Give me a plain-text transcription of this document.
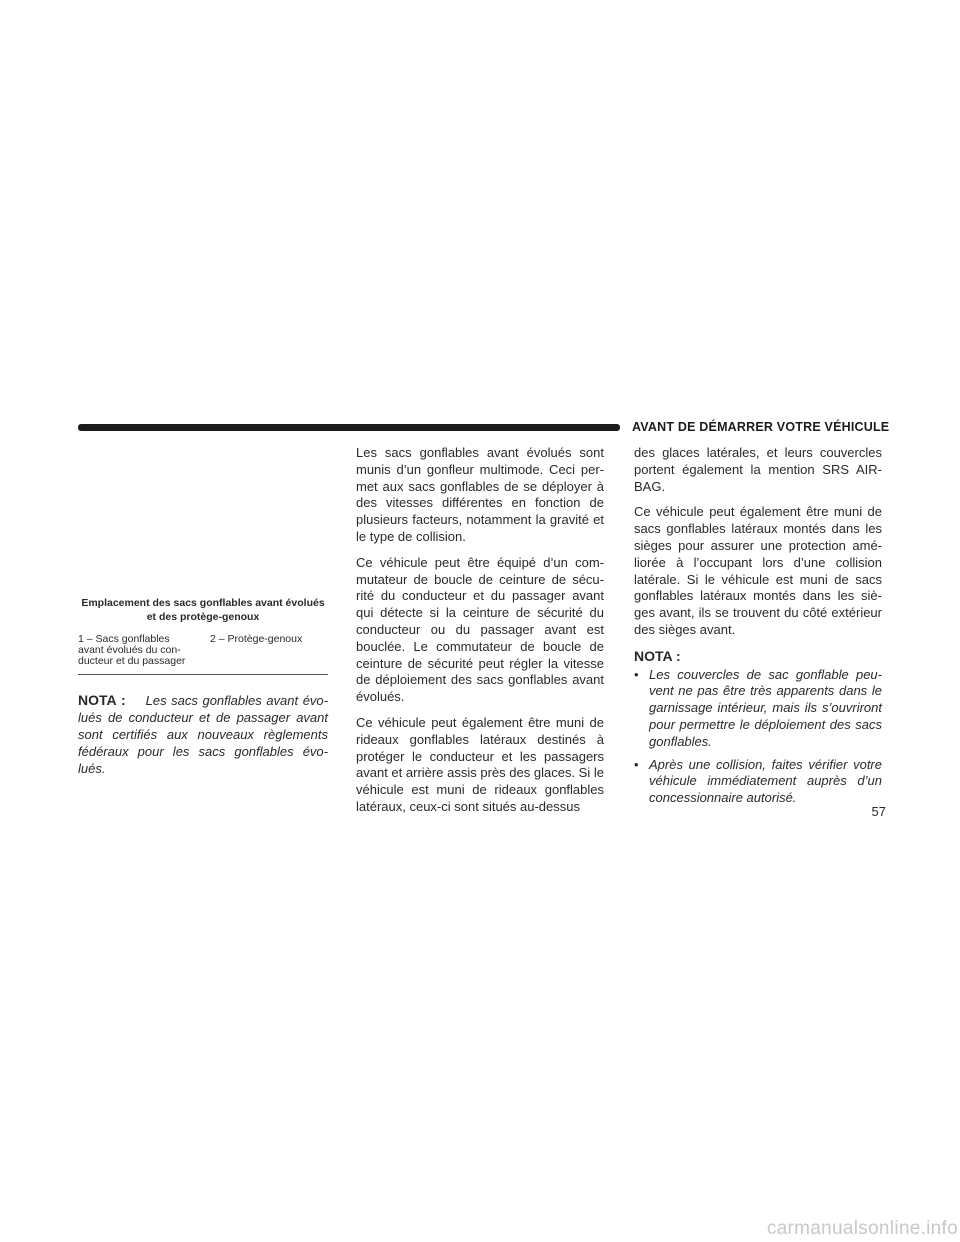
AVANT DE DÉMARRER VOTRE VÉHICULE
Emplacement des sacs gonflables avant évolués et des protège-genoux
1 – Sacs gonflables avant évolués du con-ducteur et du passager
2 – Protège-genoux
NOTA : Les sacs gonflables avant évo-lués de conducteur et de passager avant sont certifiés aux nouveaux règlements fédéraux pour les sacs gonflables évo-lués.

Les sacs gonflables avant évolués sont munis d’un gonfleur multimode. Ceci per-met aux sacs gonflables de se déployer à des vitesses différentes en fonction de plusieurs facteurs, notamment la gravité et le type de collision.

Ce véhicule peut être équipé d’un com-mutateur de boucle de ceinture de sécu-rité du conducteur et du passager avant qui détecte si la ceinture de sécurité du conducteur ou du passager avant est bouclée. Le commutateur de boucle de ceinture de sécurité peut régler la vitesse de déploiement des sacs gonflables avant évolués.

Ce véhicule peut également être muni de rideaux gonflables latéraux destinés à protéger le conducteur et les passagers avant et arrière assis près des glaces. Si le véhicule est muni de rideaux gonflables latéraux, ceux-ci sont situés au-dessus

des glaces latérales, et leurs couvercles portent également la mention SRS AIR-BAG.

Ce véhicule peut également être muni de sacs gonflables latéraux montés dans les sièges pour assurer une protection amé-liorée à l’occupant lors d’une collision latérale. Si le véhicule est muni de sacs gonflables latéraux montés dans les siè-ges avant, ils se trouvent du côté extérieur des sièges avant.

NOTA :
• Les couvercles de sac gonflable peu-vent ne pas être très apparents dans le garnissage intérieur, mais ils s’ouvriront pour permettre le déploiement des sacs gonflables.
• Après une collision, faites vérifier votre véhicule immédiatement auprès d’un concessionnaire autorisé.
57
carmanualsonline.info
